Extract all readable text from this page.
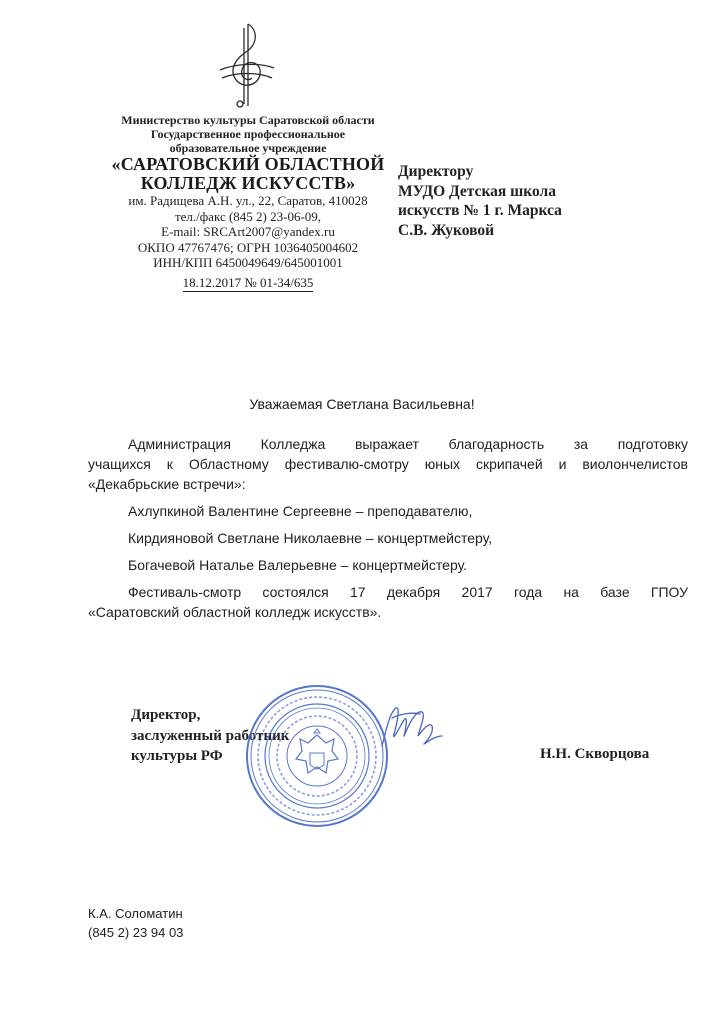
Министерство культуры Саратовской области
Государственное профессиональное
образовательное учреждение
«САРАТОВСКИЙ ОБЛАСТНОЙ
КОЛЛЕДЖ ИСКУССТВ»
им. Радищева А.Н. ул., 22, Саратов, 410028
тел./факс (845 2) 23-06-09,
E-mail: SRCArt2007@yandex.ru
ОКПО 47767476; ОГРН 1036405004602
ИНН/КПП 6450049649/645001001
18.12.2017 № 01-34/635
Директору
МУДО Детская школа
искусств № 1 г. Маркса
С.В. Жуковой
Уважаемая Светлана Васильевна!

Администрация Колледжа выражает благодарность за подготовку

учащихся к Областному фестивалю-смотру юных скрипачей и виолончелистов

«Декабрьские встречи»:

Ахлупкиной Валентине Сергеевне – преподавателю,

Кирдияновой Светлане Николаевне – концертмейстеру,

Богачевой Наталье Валерьевне – концертмейстеру.

Фестиваль-смотр состоялся 17 декабря 2017 года на базе ГПОУ

«Саратовский областной колледж искусств».

Директор,
заслуженный работник
культуры РФ	Н.Н. Скворцова
К.А. Соломатин
(845 2) 23 94 03
